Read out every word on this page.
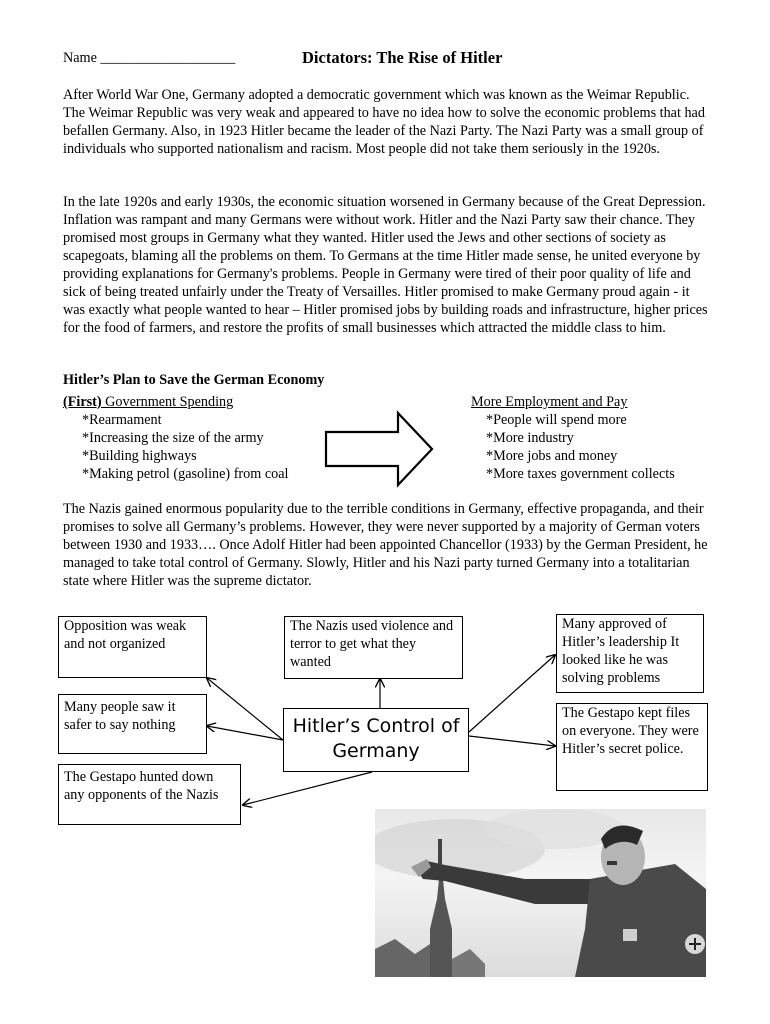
Name ___________________	Dictators: The Rise of Hitler

After World War One, Germany adopted a democratic government which was known as the Weimar Republic. The Weimar Republic was very weak and appeared to have no idea how to solve the economic problems that had befallen Germany. Also, in 1923 Hitler became the leader of the Nazi Party. The Nazi Party was a small group of individuals who supported nationalism and racism. Most people did not take them seriously in the 1920s.

In the late 1920s and early 1930s, the economic situation worsened in Germany because of the Great Depression. Inflation was rampant and many Germans were without work. Hitler and the Nazi Party saw their chance. They promised most groups in Germany what they wanted. Hitler used the Jews and other sections of society as scapegoats, blaming all the problems on them. To Germans at the time Hitler made sense, he united everyone by providing explanations for Germany's problems. People in Germany were tired of their poor quality of life and sick of being treated unfairly under the Treaty of Versailles. Hitler promised to make Germany proud again - it was exactly what people wanted to hear – Hitler promised jobs by building roads and infrastructure, higher prices for the food of farmers, and restore the profits of small businesses which attracted the middle class to him.

Hitler’s Plan to Save the German Economy
(First) Government Spending
*Rearmament
*Increasing the size of the army
*Building highways
*Making petrol (gasoline) from coal
More Employment and Pay
*People will spend more
*More industry
*More jobs and money
*More taxes government collects

The Nazis gained enormous popularity due to the terrible conditions in Germany, effective propaganda, and their promises to solve all Germany’s problems. However, they were never supported by a majority of German voters between 1930 and 1933…. Once Adolf Hitler had been appointed Chancellor (1933) by the German President, he managed to take total control of Germany. Slowly, Hitler and his Nazi party turned Germany into a totalitarian state where Hitler was the supreme dictator.

Opposition was weak and not organized
The Nazis used violence and terror to get what they wanted
Many approved of Hitler’s leadership It looked like he was solving problems
Many people saw it safer to say nothing
The Gestapo kept files on everyone. They were Hitler’s secret police.
The Gestapo hunted down any opponents of the Nazis
Hitler’s Control of Germany
